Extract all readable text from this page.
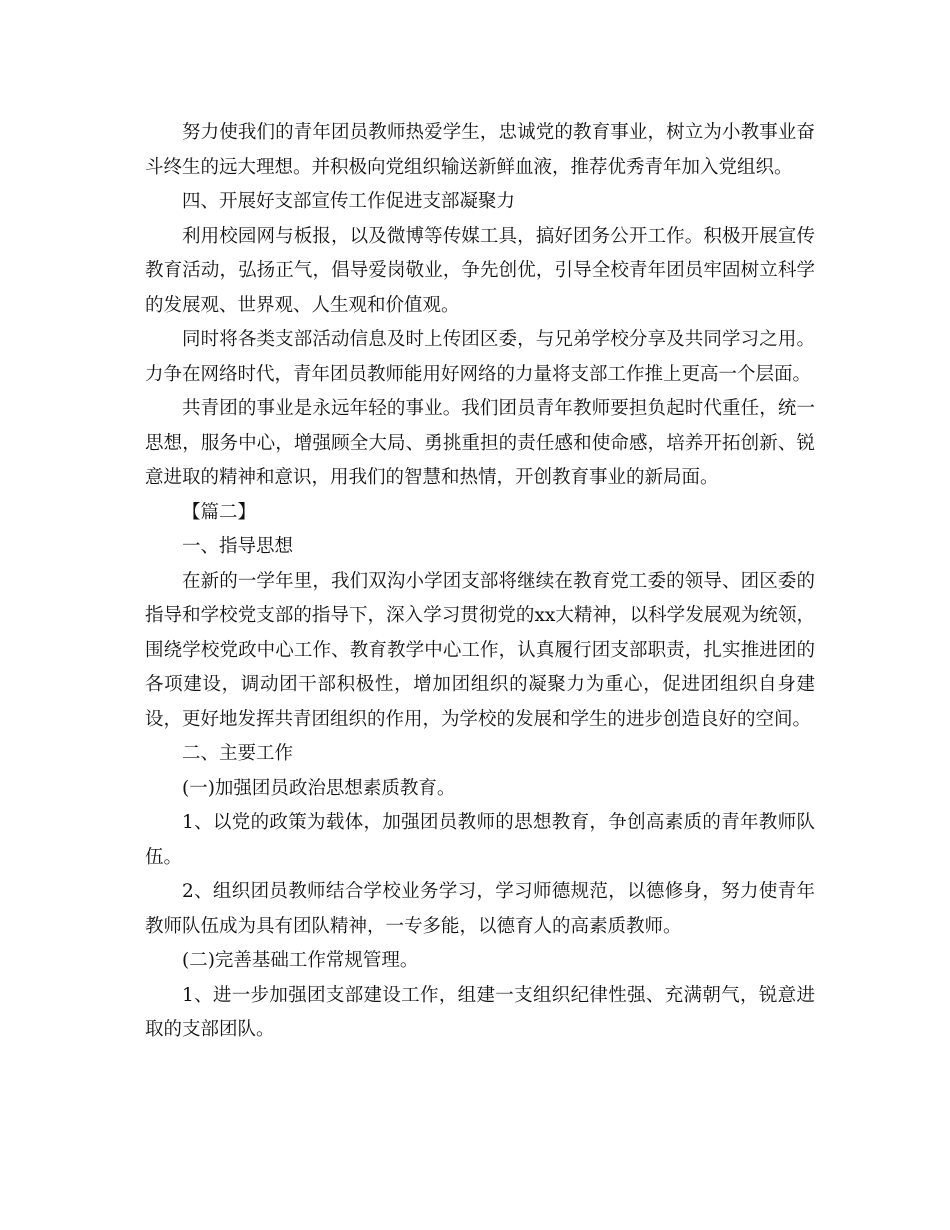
努力使我们的青年团员教师热爱学生，忠诚党的教育事业，树立为小教事业奋斗终生的远大理想。并积极向党组织输送新鲜血液，推荐优秀青年加入党组织。

四、开展好支部宣传工作促进支部凝聚力

利用校园网与板报，以及微博等传媒工具，搞好团务公开工作。积极开展宣传教育活动，弘扬正气，倡导爱岗敬业，争先创优，引导全校青年团员牢固树立科学的发展观、世界观、人生观和价值观。

同时将各类支部活动信息及时上传团区委，与兄弟学校分享及共同学习之用。力争在网络时代，青年团员教师能用好网络的力量将支部工作推上更高一个层面。

共青团的事业是永远年轻的事业。我们团员青年教师要担负起时代重任，统一思想，服务中心，增强顾全大局、勇挑重担的责任感和使命感，培养开拓创新、锐意进取的精神和意识，用我们的智慧和热情，开创教育事业的新局面。

【篇二】

一、指导思想

在新的一学年里，我们双沟小学团支部将继续在教育党工委的领导、团区委的指导和学校党支部的指导下，深入学习贯彻党的xx大精神，以科学发展观为统领，围绕学校党政中心工作、教育教学中心工作，认真履行团支部职责，扎实推进团的各项建设，调动团干部积极性，增加团组织的凝聚力为重心，促进团组织自身建设，更好地发挥共青团组织的作用，为学校的发展和学生的进步创造良好的空间。

二、主要工作

(一)加强团员政治思想素质教育。

1、以党的政策为载体，加强团员教师的思想教育，争创高素质的青年教师队伍。

2、组织团员教师结合学校业务学习，学习师德规范，以德修身，努力使青年教师队伍成为具有团队精神，一专多能，以德育人的高素质教师。

(二)完善基础工作常规管理。

1、进一步加强团支部建设工作，组建一支组织纪律性强、充满朝气，锐意进取的支部团队。
